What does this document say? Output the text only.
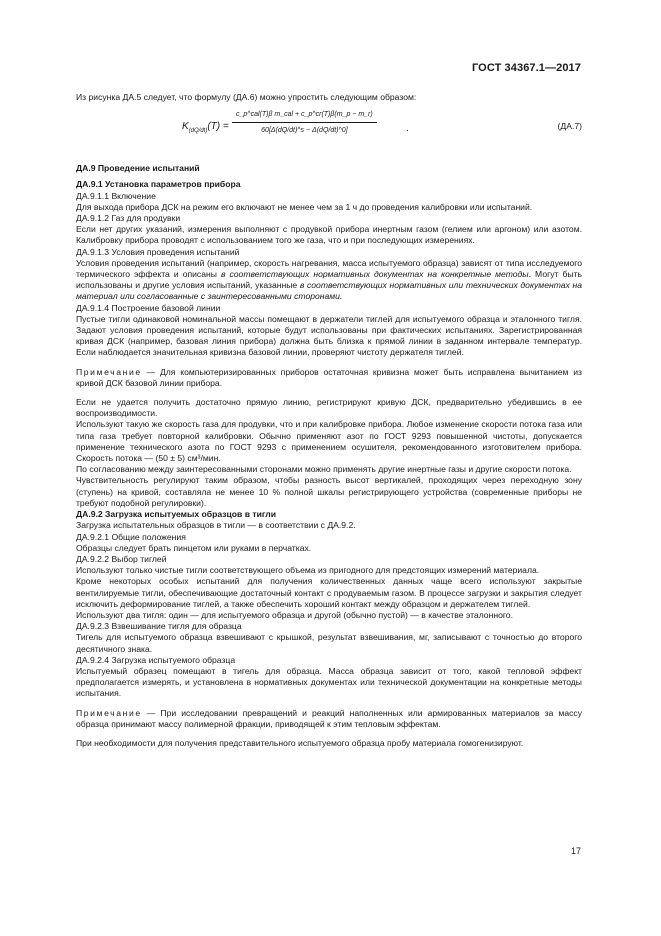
ГОСТ 34367.1—2017

Из рисунка ДА.5 следует, что формулу (ДА.6) можно упростить следующим образом:

$K_{(dQ/dt)}(T)$ =
c_p^cal(T)β m_cal + c_p^cr(T)β(m_p − m_r)
60[Δ(dQ/dt)^s − Δ(dQ/dt)^0]	.	(ДА.7)

ДА.9 Проведение испытаний

ДА.9.1 Установка параметров прибора

ДА.9.1.1 Включение

Для выхода прибора ДСК на режим его включают не менее чем за 1 ч до проведения калибровки или испытаний.

ДА.9.1.2 Газ для продувки

Если нет других указаний, измерения выполняют с продувкой прибора инертным газом (гелием или аргоном) или азотом. Калибровку прибора проводят с использованием того же газа, что и при последующих измерениях.

ДА.9.1.3 Условия проведения испытаний

Условия проведения испытаний (например, скорость нагревания, масса испытуемого образца) зависят от типа исследуемого термического эффекта и описаны в соответствующих нормативных документах на конкретные методы. Могут быть использованы и другие условия испытаний, указанные в соответствующих нормативных или технических документах на материал или согласованные с заинтересованными сторонами.

ДА.9.1.4 Построение базовой линии

Пустые тигли одинаковой номинальной массы помещают в держатели тиглей для испытуемого образца и эталонного тигля. Задают условия проведения испытаний, которые будут использованы при фактических испытаниях. Зарегистрированная кривая ДСК (например, базовая линия прибора) должна быть близка к прямой линии в заданном интервале температур. Если наблюдается значительная кривизна базовой линии, проверяют чистоту держателя тиглей.

Примечание — Для компьютеризированных приборов остаточная кривизна может быть исправлена вычитанием из кривой ДСК базовой линии прибора.

Если не удается получить достаточно прямую линию, регистрируют кривую ДСК, предварительно убедившись в ее воспроизводимости.

Используют такую же скорость газа для продувки, что и при калибровке прибора. Любое изменение скорости потока газа или типа газа требует повторной калибровки. Обычно применяют азот по ГОСТ 9293 повышенной чистоты, допускается применение технического азота по ГОСТ 9293 с применением осушителя, рекомендованного изготовителем прибора. Скорость потока — (50 ± 5) см³/мин.

По согласованию между заинтересованными сторонами можно применять другие инертные газы и другие скорости потока.

Чувствительность регулируют таким образом, чтобы разность высот вертикалей, проходящих через переходную зону (ступень) на кривой, составляла не менее 10 % полной шкалы регистрирующего устройства (современные приборы не требуют подобной регулировки).

ДА.9.2 Загрузка испытуемых образцов в тигли

Загрузка испытательных образцов в тигли — в соответствии с ДА.9.2.

ДА.9.2.1 Общие положения

Образцы следует брать пинцетом или руками в перчатках.

ДА.9.2.2 Выбор тиглей

Используют только чистые тигли соответствующего объема из пригодного для предстоящих измерений материала.

Кроме некоторых особых испытаний для получения количественных данных чаще всего используют закрытые вентилируемые тигли, обеспечивающие достаточный контакт с продуваемым газом. В процессе загрузки и закрытия следует исключить деформирование тиглей, а также обеспечить хороший контакт между образцом и держателем тиглей.

Используют два тигля: один — для испытуемого образца и другой (обычно пустой) — в качестве эталонного.

ДА.9.2.3 Взвешивание тигля для образца

Тигель для испытуемого образца взвешивают с крышкой, результат взвешивания, мг, записывают с точностью до второго десятичного знака.

ДА.9.2.4 Загрузка испытуемого образца

Испытуемый образец помещают в тигель для образца. Масса образца зависит от того, какой тепловой эффект предполагается измерять, и установлена в нормативных документах или технической документации на конкретные методы испытания.

Примечание — При исследовании превращений и реакций наполненных или армированных материалов за массу образца принимают массу полимерной фракции, приводящей к этим тепловым эффектам.

При необходимости для получения представительного испытуемого образца пробу материала гомогенизируют.

17
